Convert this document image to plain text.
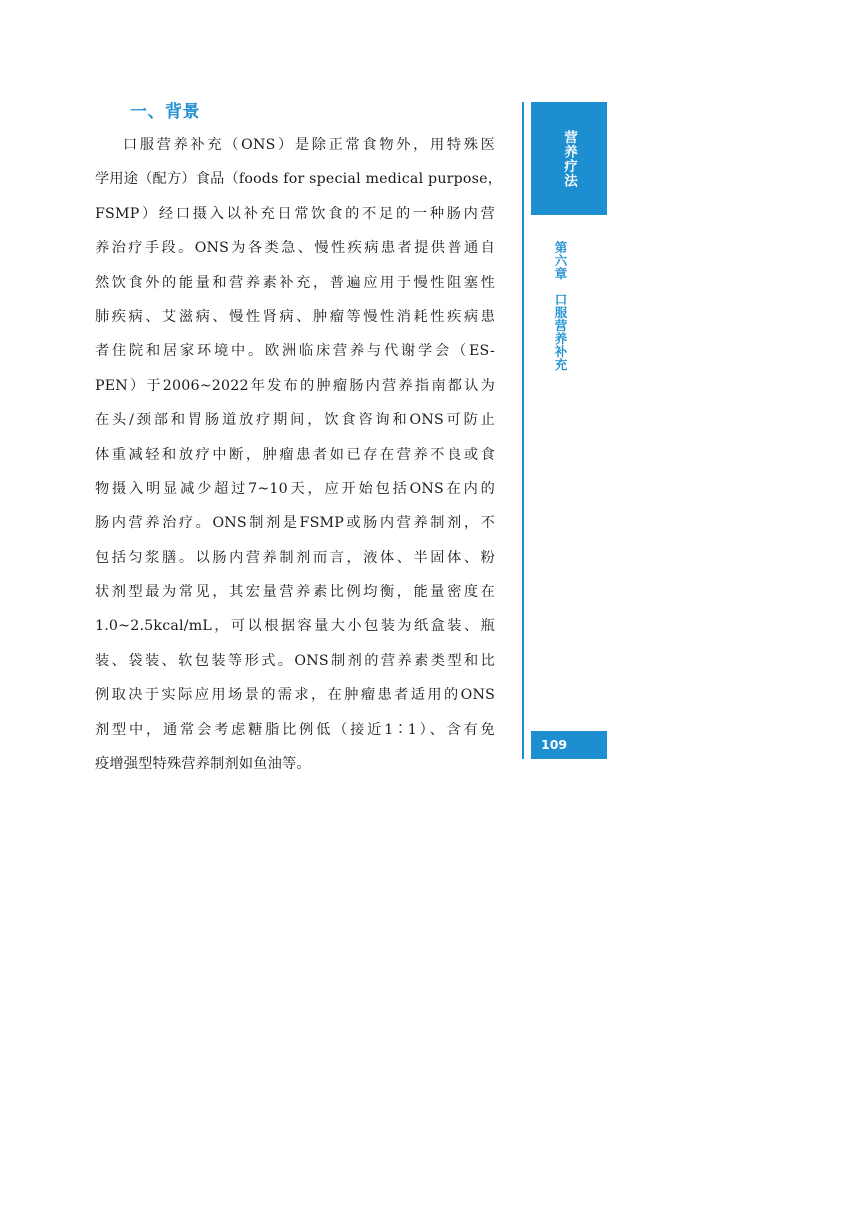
一、背景
口服营养补充（ONS）是除正常食物外，用特殊医
学用途（配方）食品（foods for special medical purpose，
FSMP）经口摄入以补充日常饮食的不足的一种肠内营
养治疗手段。ONS为各类急、慢性疾病患者提供普通自
然饮食外的能量和营养素补充，普遍应用于慢性阻塞性
肺疾病、艾滋病、慢性肾病、肿瘤等慢性消耗性疾病患
者住院和居家环境中。欧洲临床营养与代谢学会（ES-
PEN）于2006~2022年发布的肿瘤肠内营养指南都认为
在头/颈部和胃肠道放疗期间，饮食咨询和ONS可防止
体重减轻和放疗中断，肿瘤患者如已存在营养不良或食
物摄入明显减少超过7~10天，应开始包括ONS在内的
肠内营养治疗。ONS制剂是FSMP或肠内营养制剂，不
包括匀浆膳。以肠内营养制剂而言，液体、半固体、粉
状剂型最为常见，其宏量营养素比例均衡，能量密度在
1.0~2.5kcal/mL，可以根据容量大小包装为纸盒装、瓶
装、袋装、软包装等形式。ONS制剂的营养素类型和比
例取决于实际应用场景的需求，在肿瘤患者适用的ONS
剂型中，通常会考虑糖脂比例低（接近1∶1）、含有免
疫增强型特殊营养制剂如鱼油等。
营养疗法
第六章　口服营养补充
109
